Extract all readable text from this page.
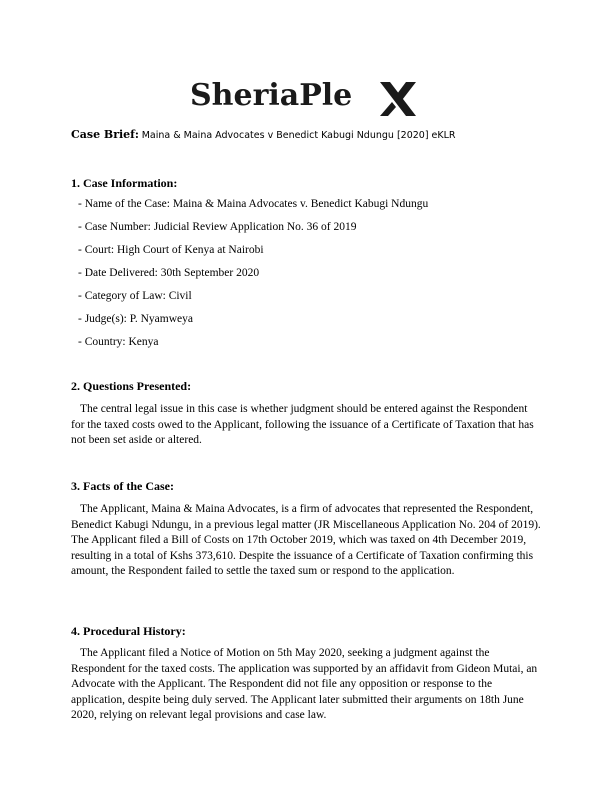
SheriaPle
Case Brief: Maina & Maina Advocates v Benedict Kabugi Ndungu [2020] eKLR
1. Case Information:
- Name of the Case: Maina & Maina Advocates v. Benedict Kabugi Ndungu
- Case Number: Judicial Review Application No. 36 of 2019
- Court: High Court of Kenya at Nairobi
- Date Delivered: 30th September 2020
- Category of Law: Civil
- Judge(s): P. Nyamweya
- Country: Kenya
2. Questions Presented:

The central legal issue in this case is whether judgment should be entered against the Respondent for the taxed costs owed to the Applicant, following the issuance of a Certificate of Taxation that has not been set aside or altered.

3. Facts of the Case:

The Applicant, Maina & Maina Advocates, is a firm of advocates that represented the Respondent, Benedict Kabugi Ndungu, in a previous legal matter (JR Miscellaneous Application No. 204 of 2019). The Applicant filed a Bill of Costs on 17th October 2019, which was taxed on 4th December 2019, resulting in a total of Kshs 373,610. Despite the issuance of a Certificate of Taxation confirming this amount, the Respondent failed to settle the taxed sum or respond to the application.

4. Procedural History:

The Applicant filed a Notice of Motion on 5th May 2020, seeking a judgment against the Respondent for the taxed costs. The application was supported by an affidavit from Gideon Mutai, an Advocate with the Applicant. The Respondent did not file any opposition or response to the application, despite being duly served. The Applicant later submitted their arguments on 18th June 2020, relying on relevant legal provisions and case law.
